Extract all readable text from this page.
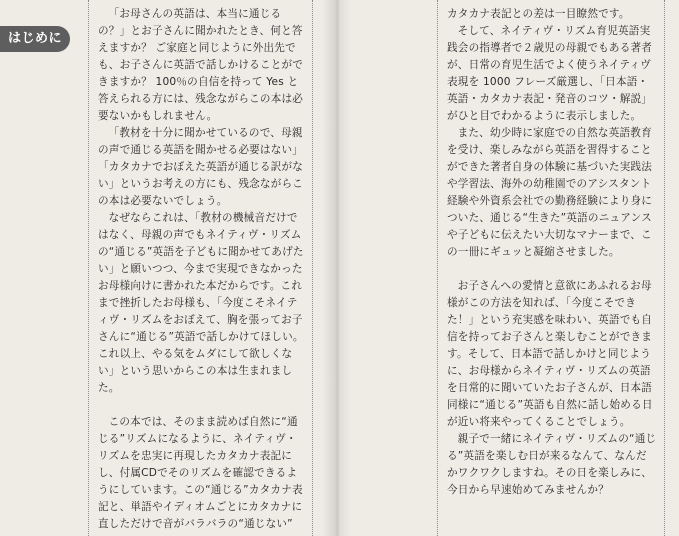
はじめに

「お母さんの英語は、本当に通じるの？」とお子さんに聞かれたとき、何と答えますか？ ご家庭と同じように外出先でも、お子さんに英語で話しかけることができますか？ 100％の自信を持って Yes と答えられる方には、残念ながらこの本は必要ないかもしれません。

「教材を十分に聞かせているので、母親の声で通じる英語を聞かせる必要はない」「カタカナでおぼえた英語が通じる訳がない」というお考えの方にも、残念ながらこの本は必要ないでしょう。

なぜならこれは、「教材の機械音だけではなく、母親の声でもネイティヴ・リズムの“通じる”英語を子どもに聞かせてあげたい」と願いつつ、今まで実現できなかったお母様向けに書かれた本だからです。これまで挫折したお母様も、「今度こそネイティヴ・リズムをおぼえて、胸を張ってお子さんに“通じる”英語で話しかけてほしい。これ以上、やる気をムダにして欲しくない」という思いからこの本は生まれました。

この本では、そのまま読めば自然に“通じる”リズムになるように、ネイティヴ・リズムを忠実に再現したカタカナ表記にし、付属CDでそのリズムを確認できるようにしています。この“通じる”カタカナ表記と、単語やイディオムごとにカタカナに直しただけで音がバラバラの“通じない”

カタカナ表記との差は一目瞭然です。

そして、ネイティヴ・リズム育児英語実践会の指導者で２歳児の母親でもある著者が、日常の育児生活でよく使うネイティヴ表現を 1000 フレーズ厳選し、「日本語・英語・カタカナ表記・発音のコツ・解説」がひと目でわかるように表示しました。

また、幼少時に家庭での自然な英語教育を受け、楽しみながら英語を習得することができた著者自身の体験に基づいた実践法や学習法、海外の幼稚園でのアシスタント経験や外資系会社での勤務経験により身についた、通じる“生きた”英語のニュアンスや子どもに伝えたい大切なマナーまで、この一冊にギュッと凝縮させました。

お子さんへの愛情と意欲にあふれるお母様がこの方法を知れば、「今度こそできた！」という充実感を味わい、英語でも自信を持ってお子さんと楽しむことができます。そして、日本語で話しかけと同じように、お母様からネイティヴ・リズムの英語を日常的に聞いていたお子さんが、日本語同様に“通じる”英語も自然に話し始める日が近い将来やってくることでしょう。

親子で一緒にネイティヴ・リズムの“通じる”英語を楽しむ日が来るなんて、なんだかワクワクしますね。その日を楽しみに、今日から早速始めてみませんか？
